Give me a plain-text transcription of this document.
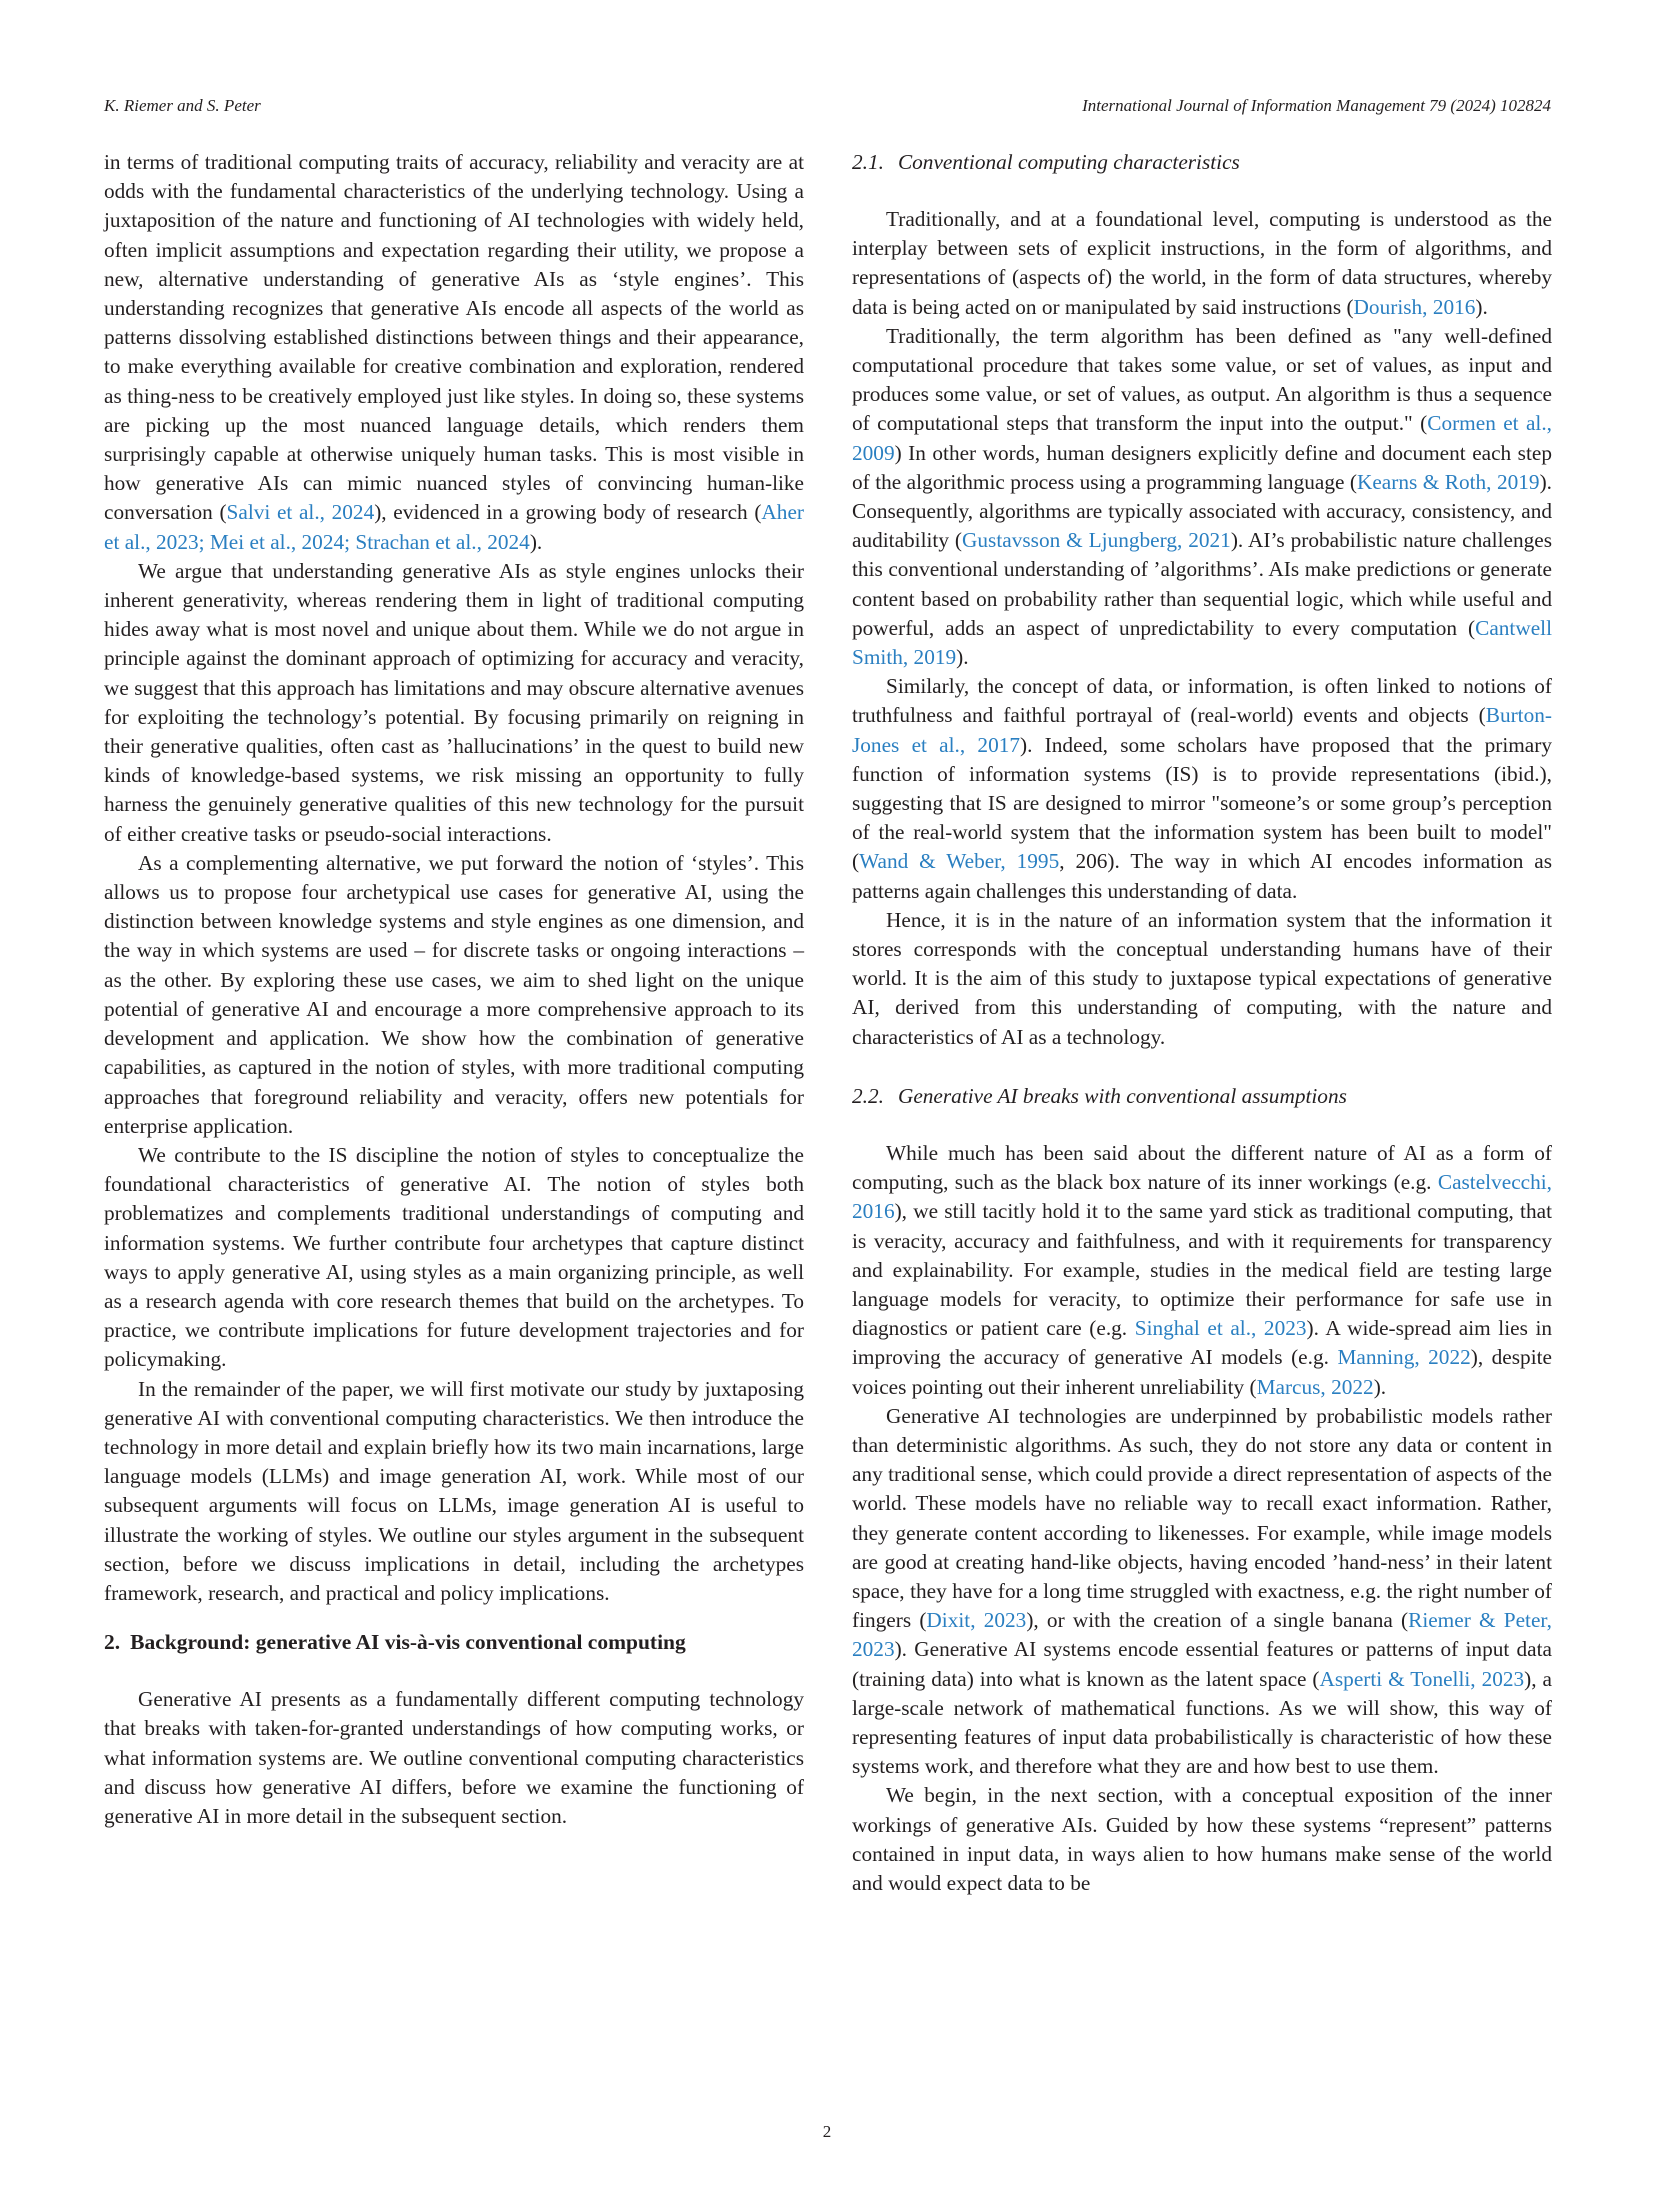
K. Riemer and S. Peter	International Journal of Information Management 79 (2024) 102824

in terms of traditional computing traits of accuracy, reliability and veracity are at odds with the fundamental characteristics of the underlying technology. Using a juxtaposition of the nature and functioning of AI technologies with widely held, often implicit assumptions and expectation regarding their utility, we propose a new, alternative understanding of generative AIs as ‘style engines’. This understanding recognizes that generative AIs encode all aspects of the world as patterns dissolving established distinctions between things and their appearance, to make everything available for creative combination and exploration, rendered as thing-ness to be creatively employed just like styles. In doing so, these systems are picking up the most nuanced language details, which renders them surprisingly capable at otherwise uniquely human tasks. This is most visible in how generative AIs can mimic nuanced styles of convincing human-like conversation (Salvi et al., 2024), evidenced in a growing body of research (Aher et al., 2023; Mei et al., 2024; Strachan et al., 2024).

We argue that understanding generative AIs as style engines unlocks their inherent generativity, whereas rendering them in light of traditional computing hides away what is most novel and unique about them. While we do not argue in principle against the dominant approach of optimizing for accuracy and veracity, we suggest that this approach has limitations and may obscure alternative avenues for exploiting the technology’s potential. By focusing primarily on reigning in their generative qualities, often cast as ’hallucinations’ in the quest to build new kinds of knowledge-based systems, we risk missing an opportunity to fully harness the genuinely generative qualities of this new technology for the pursuit of either creative tasks or pseudo-social interactions.

As a complementing alternative, we put forward the notion of ‘styles’. This allows us to propose four archetypical use cases for generative AI, using the distinction between knowledge systems and style engines as one dimension, and the way in which systems are used – for discrete tasks or ongoing interactions – as the other. By exploring these use cases, we aim to shed light on the unique potential of generative AI and encourage a more comprehensive approach to its development and application. We show how the combination of generative capabilities, as captured in the notion of styles, with more traditional computing approaches that foreground reliability and veracity, offers new potentials for enterprise application.

We contribute to the IS discipline the notion of styles to conceptualize the foundational characteristics of generative AI. The notion of styles both problematizes and complements traditional understandings of computing and information systems. We further contribute four archetypes that capture distinct ways to apply generative AI, using styles as a main organizing principle, as well as a research agenda with core research themes that build on the archetypes. To practice, we contribute implications for future development trajectories and for policymaking.

In the remainder of the paper, we will first motivate our study by juxtaposing generative AI with conventional computing characteristics. We then introduce the technology in more detail and explain briefly how its two main incarnations, large language models (LLMs) and image generation AI, work. While most of our subsequent arguments will focus on LLMs, image generation AI is useful to illustrate the working of styles. We outline our styles argument in the subsequent section, before we discuss implications in detail, including the archetypes framework, research, and practical and policy implications.

2. Background: generative AI vis-à-vis conventional computing

Generative AI presents as a fundamentally different computing technology that breaks with taken-for-granted understandings of how computing works, or what information systems are. We outline conventional computing characteristics and discuss how generative AI differs, before we examine the functioning of generative AI in more detail in the subsequent section.

2.1. Conventional computing characteristics

Traditionally, and at a foundational level, computing is understood as the interplay between sets of explicit instructions, in the form of algorithms, and representations of (aspects of) the world, in the form of data structures, whereby data is being acted on or manipulated by said instructions (Dourish, 2016).

Traditionally, the term algorithm has been defined as "any well-defined computational procedure that takes some value, or set of values, as input and produces some value, or set of values, as output. An algorithm is thus a sequence of computational steps that transform the input into the output." (Cormen et al., 2009) In other words, human designers explicitly define and document each step of the algorithmic process using a programming language (Kearns & Roth, 2019). Consequently, algorithms are typically associated with accuracy, consistency, and auditability (Gustavsson & Ljungberg, 2021). AI’s probabilistic nature challenges this conventional understanding of ’algorithms’. AIs make predictions or generate content based on probability rather than sequential logic, which while useful and powerful, adds an aspect of unpredictability to every computation (Cantwell Smith, 2019).

Similarly, the concept of data, or information, is often linked to notions of truthfulness and faithful portrayal of (real-world) events and objects (Burton-Jones et al., 2017). Indeed, some scholars have proposed that the primary function of information systems (IS) is to provide representations (ibid.), suggesting that IS are designed to mirror "someone’s or some group’s perception of the real-world system that the information system has been built to model" (Wand & Weber, 1995, 206). The way in which AI encodes information as patterns again challenges this understanding of data.

Hence, it is in the nature of an information system that the information it stores corresponds with the conceptual understanding humans have of their world. It is the aim of this study to juxtapose typical expectations of generative AI, derived from this understanding of computing, with the nature and characteristics of AI as a technology.

2.2. Generative AI breaks with conventional assumptions

While much has been said about the different nature of AI as a form of computing, such as the black box nature of its inner workings (e.g. Castelvecchi, 2016), we still tacitly hold it to the same yard stick as traditional computing, that is veracity, accuracy and faithfulness, and with it requirements for transparency and explainability. For example, studies in the medical field are testing large language models for veracity, to optimize their performance for safe use in diagnostics or patient care (e.g. Singhal et al., 2023). A wide-spread aim lies in improving the accuracy of generative AI models (e.g. Manning, 2022), despite voices pointing out their inherent unreliability (Marcus, 2022).

Generative AI technologies are underpinned by probabilistic models rather than deterministic algorithms. As such, they do not store any data or content in any traditional sense, which could provide a direct representation of aspects of the world. These models have no reliable way to recall exact information. Rather, they generate content according to likenesses. For example, while image models are good at creating hand-like objects, having encoded ’hand-ness’ in their latent space, they have for a long time struggled with exactness, e.g. the right number of fingers (Dixit, 2023), or with the creation of a single banana (Riemer & Peter, 2023). Generative AI systems encode essential features or patterns of input data (training data) into what is known as the latent space (Asperti & Tonelli, 2023), a large-scale network of mathematical functions. As we will show, this way of representing features of input data probabilistically is characteristic of how these systems work, and therefore what they are and how best to use them.

We begin, in the next section, with a conceptual exposition of the inner workings of generative AIs. Guided by how these systems “represent” patterns contained in input data, in ways alien to how humans make sense of the world and would expect data to be

2
